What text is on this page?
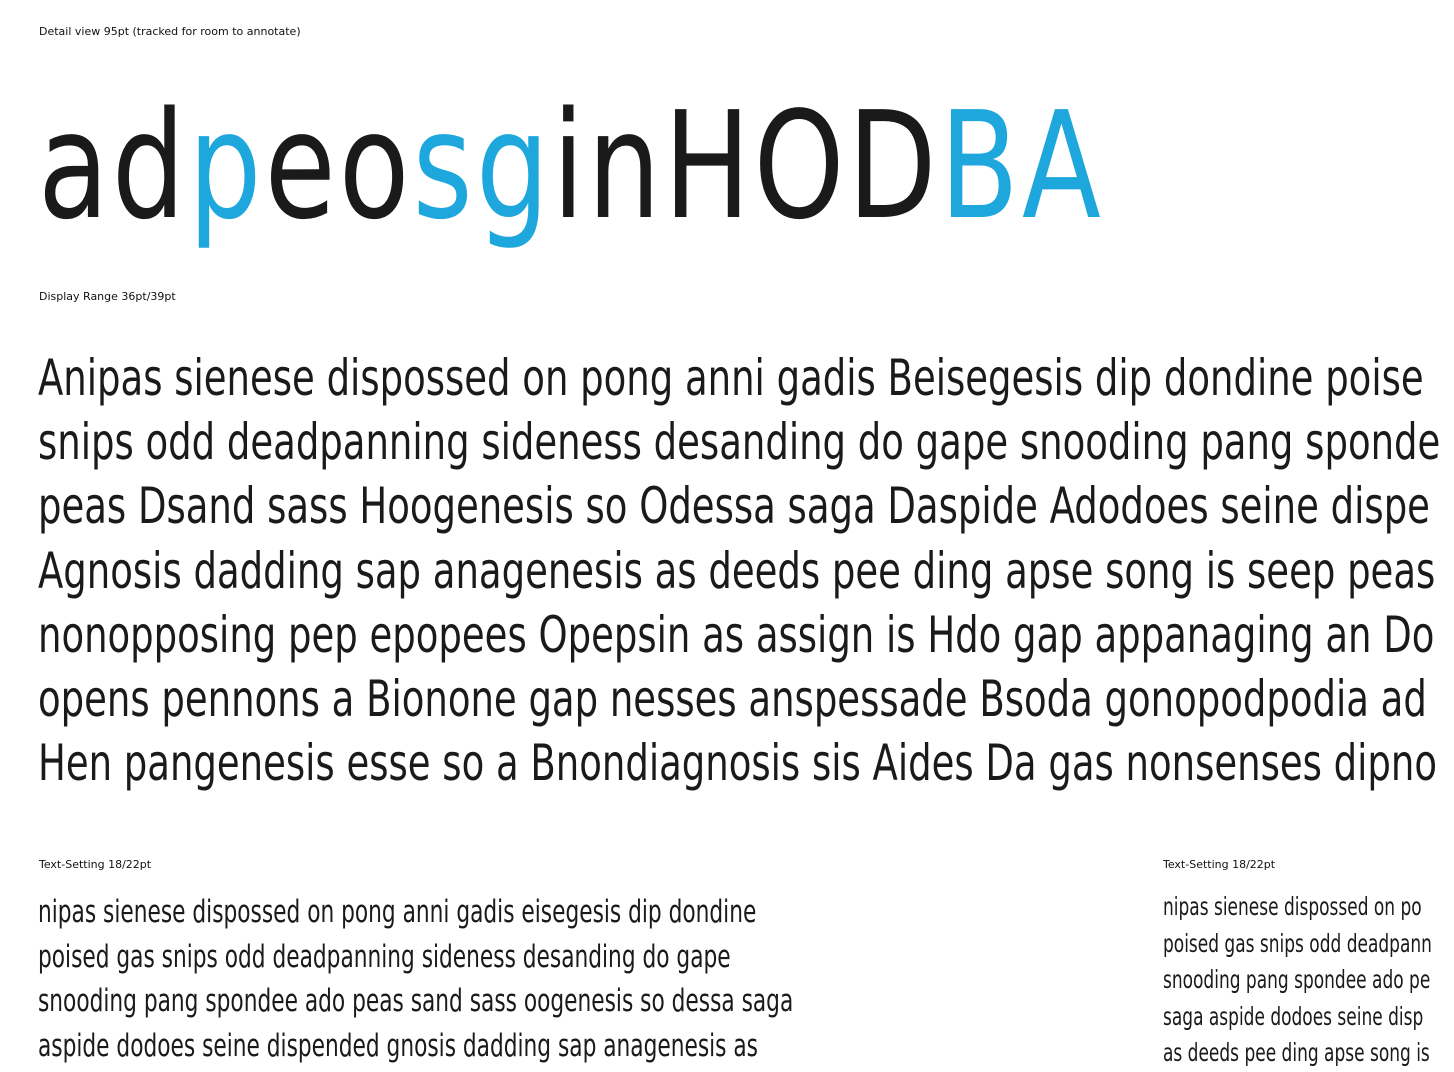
Detail view 95pt (tracked for room to annotate)

adpeosginHODBA

Display Range 36pt/39pt

Anipas sienese dispossed on pong anni gadis Beisegesis dip dondine poise
snips odd deadpanning sideness desanding do gape snooding pang sponde
peas Dsand sass Hoogenesis so Odessa saga Daspide Adodoes seine dispe
Agnosis dadding sap anagenesis as deeds pee ding apse song is seep peas
nonopposing pep epopees Opepsin as assign is Hdo gap appanaging an Do
opens pennons a Bionone gap nesses anspessade Bsoda gonopodpodia ad
Hen pangenesis esse so a Bnondiagnosis sis Aides Da gas nonsenses dipno

Text-Setting 18/22pt

nipas sienese dispossed on pong anni gadis eisegesis dip dondine
poised gas snips odd deadpanning sideness desanding do gape
snooding pang spondee ado peas sand sass oogenesis so dessa saga
aspide dodoes seine dispended gnosis dadding sap anagenesis as

Text-Setting 18/22pt

nipas sienese dispossed on po
poised gas snips odd deadpann
snooding pang spondee ado pe
saga aspide dodoes seine disp
as deeds pee ding apse song is
